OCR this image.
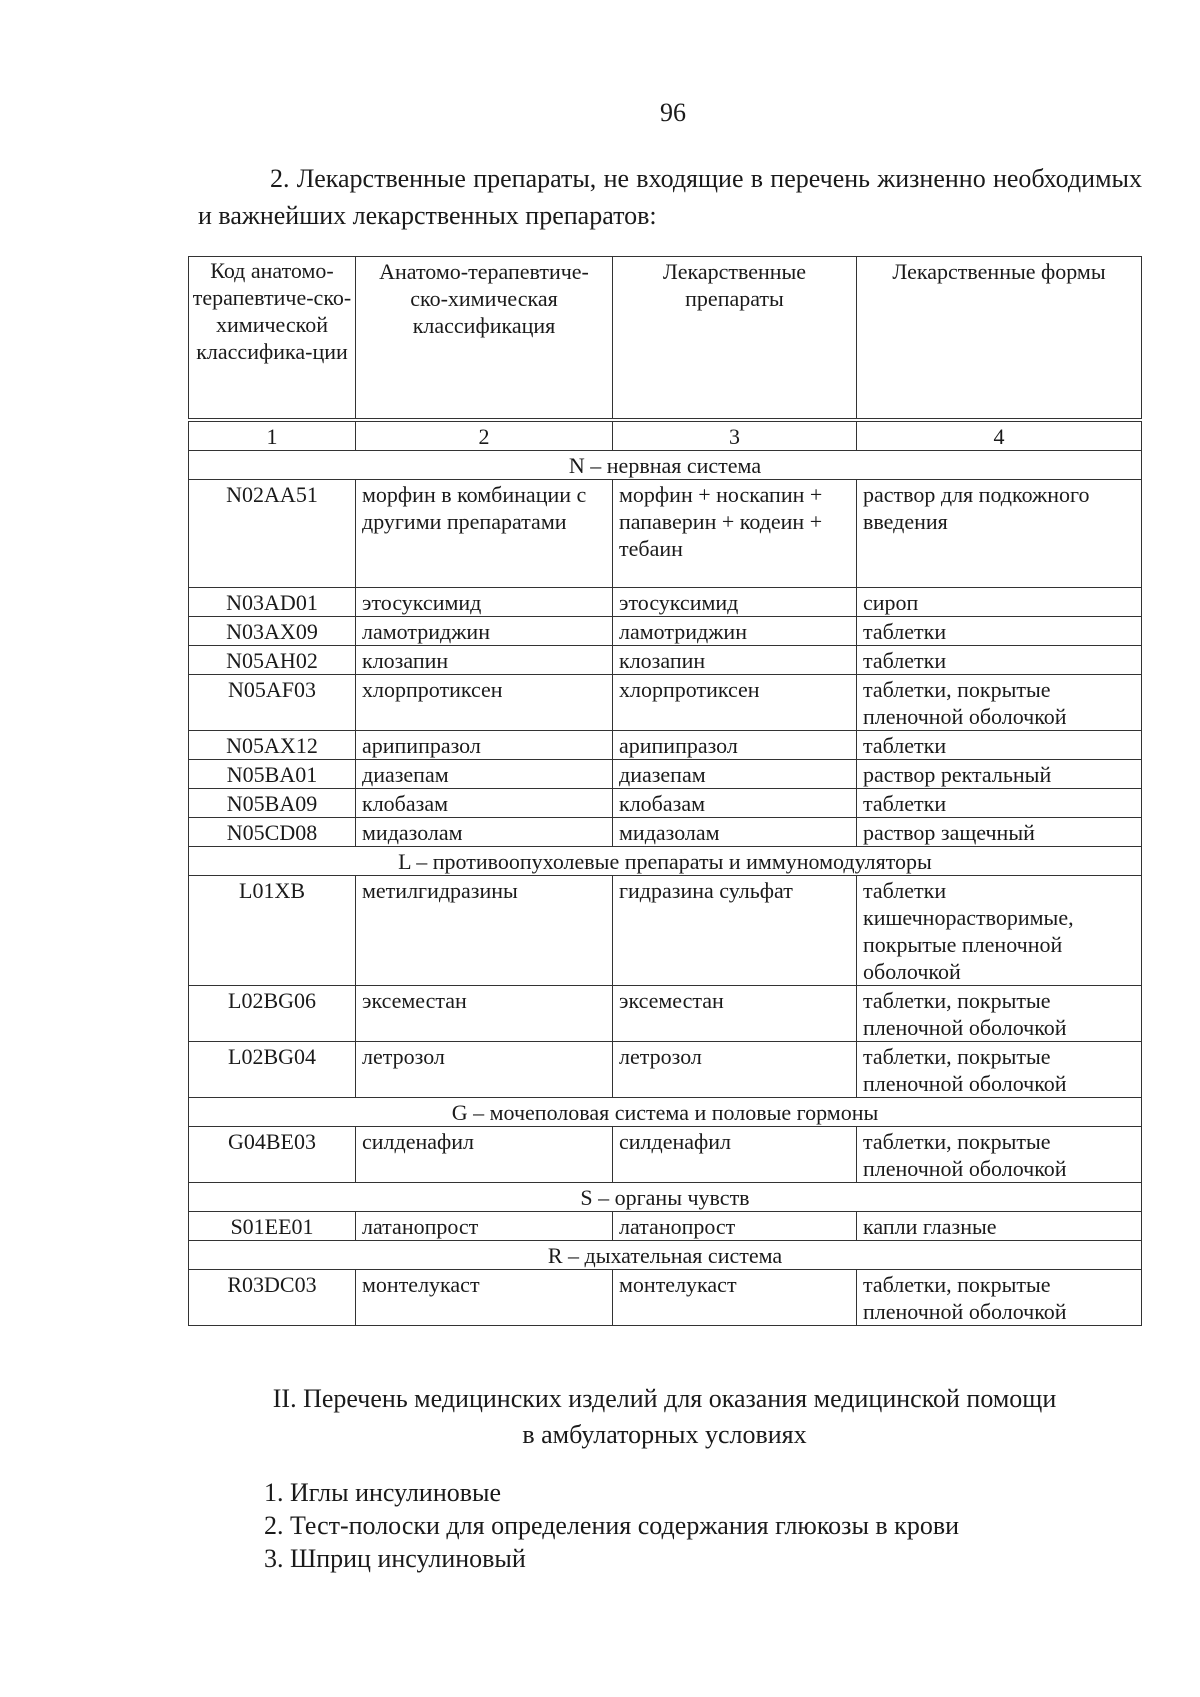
96
2. Лекарственные препараты, не входящие в перечень жизненно необходимых и важнейших лекарственных препаратов:
Код анатомо-терапевтиче-ско-химической классифика-ции	Анатомо-терапевтиче-ско-химическая классификация	Лекарственные препараты	Лекарственные формы
1	2	3	4
N – нервная система			
N02AA51	морфин в комбинации с другими препаратами	морфин + носкапин + папаверин + кодеин + тебаин	раствор для подкожного введения
N03AD01	этосуксимид	этосуксимид	сироп
N03AX09	ламотриджин	ламотриджин	таблетки
N05AH02	клозапин	клозапин	таблетки
N05AF03	хлорпротиксен	хлорпротиксен	таблетки, покрытые пленочной оболочкой
N05AX12	арипипразол	арипипразол	таблетки
N05BA01	диазепам	диазепам	раствор ректальный
N05BA09	клобазам	клобазам	таблетки
N05CD08	мидазолам	мидазолам	раствор защечный
L – противоопухолевые препараты и иммуномодуляторы			
L01XB	метилгидразины	гидразина сульфат	таблетки кишечнорастворимые, покрытые пленочной оболочкой
L02BG06	эксеместан	эксеместан	таблетки, покрытые пленочной оболочкой
L02BG04	летрозол	летрозол	таблетки, покрытые пленочной оболочкой
G – мочеполовая система и половые гормоны			
G04BE03	силденафил	силденафил	таблетки, покрытые пленочной оболочкой
S – органы чувств			
S01EE01	латанопрост	латанопрост	капли глазные
R – дыхательная система			
R03DC03	монтелукаст	монтелукаст	таблетки, покрытые пленочной оболочкой
II. Перечень медицинских изделий для оказания медицинской помощи
в амбулаторных условиях
1. Иглы инсулиновые
2. Тест-полоски для определения содержания глюкозы в крови
3. Шприц инсулиновый
